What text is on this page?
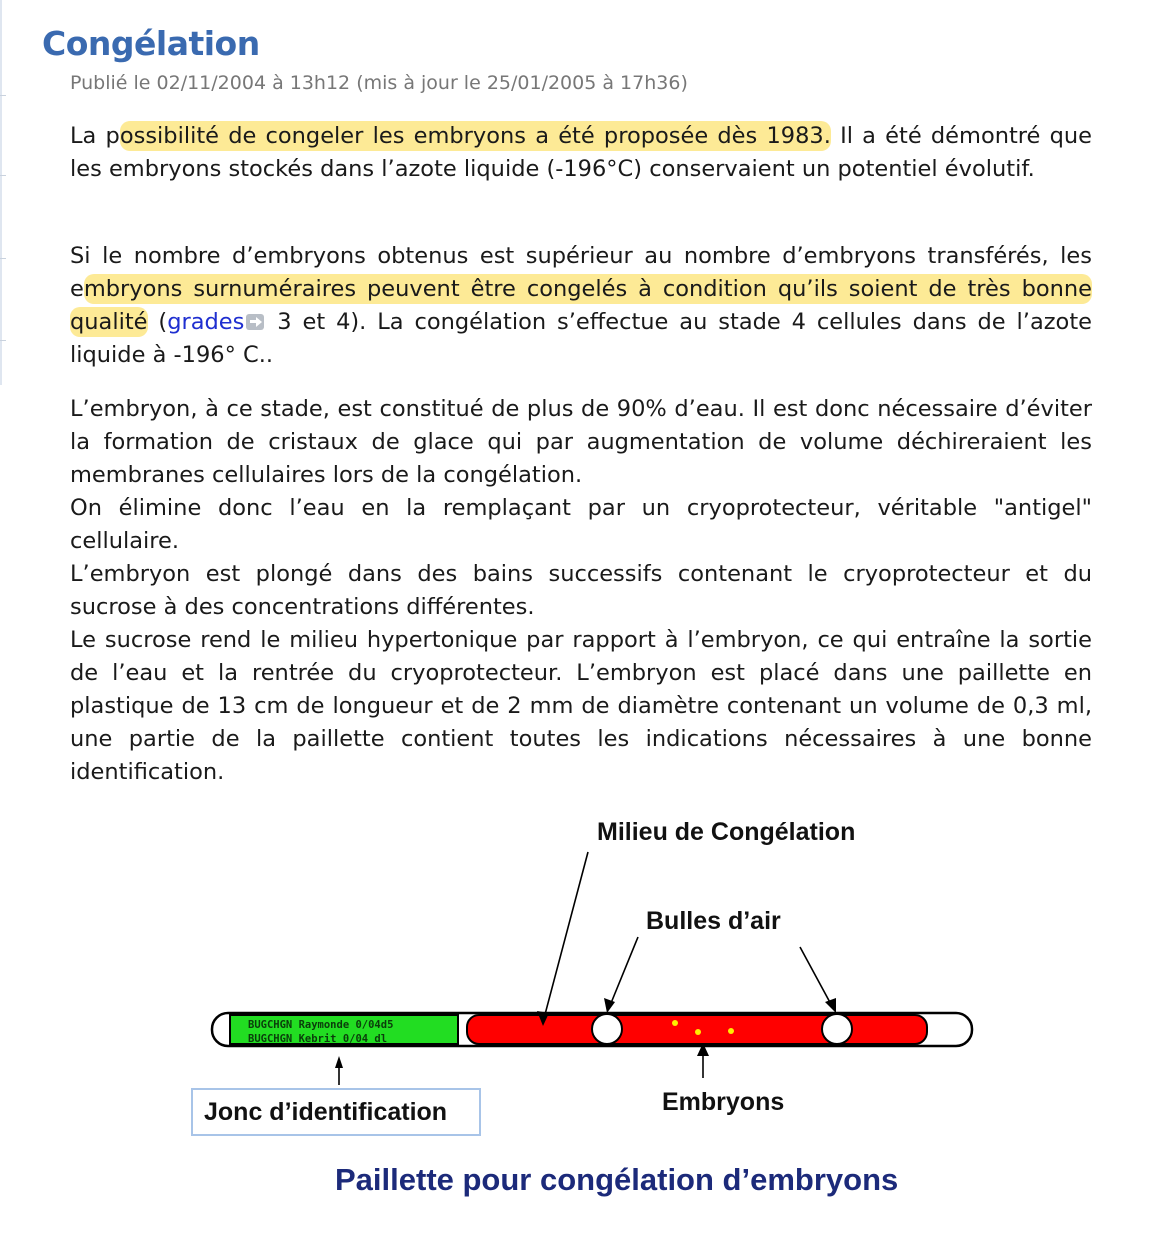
Congélation
Publié le 02/11/2004 à 13h12 (mis à jour le 25/01/2005 à 17h36)

La possibilité de congeler les embryons a été proposée dès 1983. Il a été démontré que les embryons stockés dans l’azote liquide (-196°C) conservaient un potentiel évolutif.

Si le nombre d’embryons obtenus est supérieur au nombre d’embryons transférés, les embryons surnuméraires peuvent être congelés à condition qu’ils soient de très bonne qualité (grades 3 et 4). La congélation s’effectue au stade 4 cellules dans de l’azote liquide à -196° C..

L’embryon, à ce stade, est constitué de plus de 90% d’eau. Il est donc nécessaire d’éviter la formation de cristaux de glace qui par augmentation de volume déchireraient les membranes cellulaires lors de la congélation.
On élimine donc l’eau en la remplaçant par un cryoprotecteur, véritable "antigel" cellulaire.
L’embryon est plongé dans des bains successifs contenant le cryoprotecteur et du sucrose à des concentrations différentes.
Le sucrose rend le milieu hypertonique par rapport à l’embryon, ce qui entraîne la sortie de l’eau et la rentrée du cryoprotecteur. L’embryon est placé dans une paillette en plastique de 13 cm de longueur et de 2 mm de diamètre contenant un volume de 0,3 ml, une partie de la paillette contient toutes les indications nécessaires à une bonne identification.
BUGCHGN Raymonde 0/04d5
BUGCHGN Kebrit 0/04 dl
Milieu de Congélation
Bulles d’air
Embryons
Jonc d’identification
Paillette pour congélation d’embryons
